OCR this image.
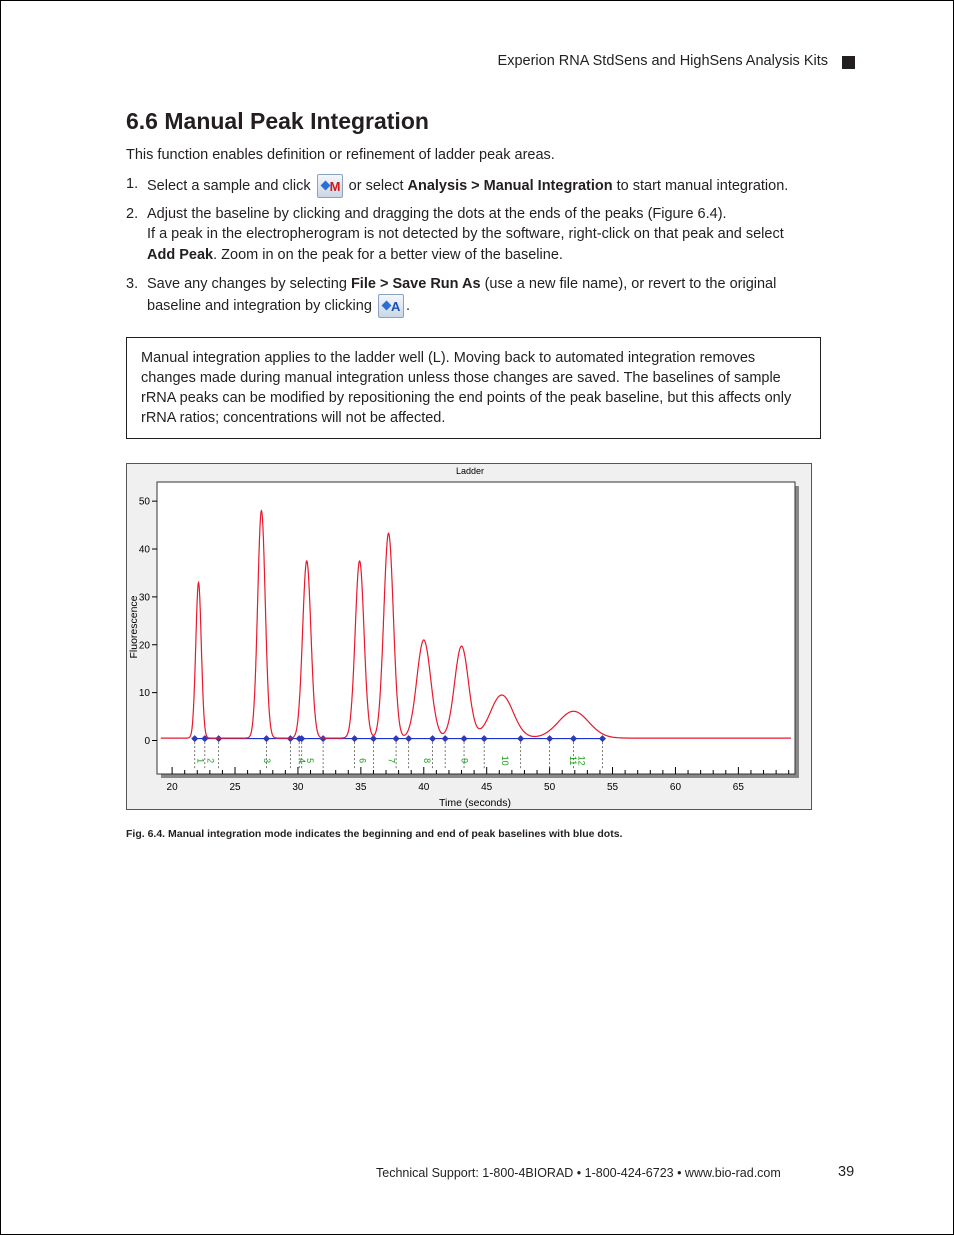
Experion RNA StdSens and HighSens Analysis Kits
6.6 Manual Peak Integration

This function enables definition or refinement of ladder peak areas.

1. Select a sample and click M or select Analysis > Manual Integration to start manual integration.
2. Adjust the baseline by clicking and dragging the dots at the ends of the peaks (Figure 6.4).
If a peak in the electropherogram is not detected by the software, right-click on that peak and select
Add Peak. Zoom in on the peak for a better view of the baseline.
3. Save any changes by selecting File > Save Run As (use a new file name), or revert to the original
baseline and integration by clicking A .

Manual integration applies to the ladder well (L). Moving back to automated integration removes changes made during manual integration unless those changes are saved. The baselines of sample rRNA peaks can be modified by repositioning the end points of the peak baseline, but this affects only rRNA ratios; concentrations will not be affected.

Ladder
Time (seconds)
Fluorescence
0
10
20
30
40
50
20	25	30	35	40	45	50	55	60	65
1 2	3	4
5	6 7	8	9	10	11
12
Fig. 6.4. Manual integration mode indicates the beginning and end of peak baselines with blue dots.
Technical Support: 1-800-4BIORAD • 1-800-424-6723 • www.bio-rad.com	39
